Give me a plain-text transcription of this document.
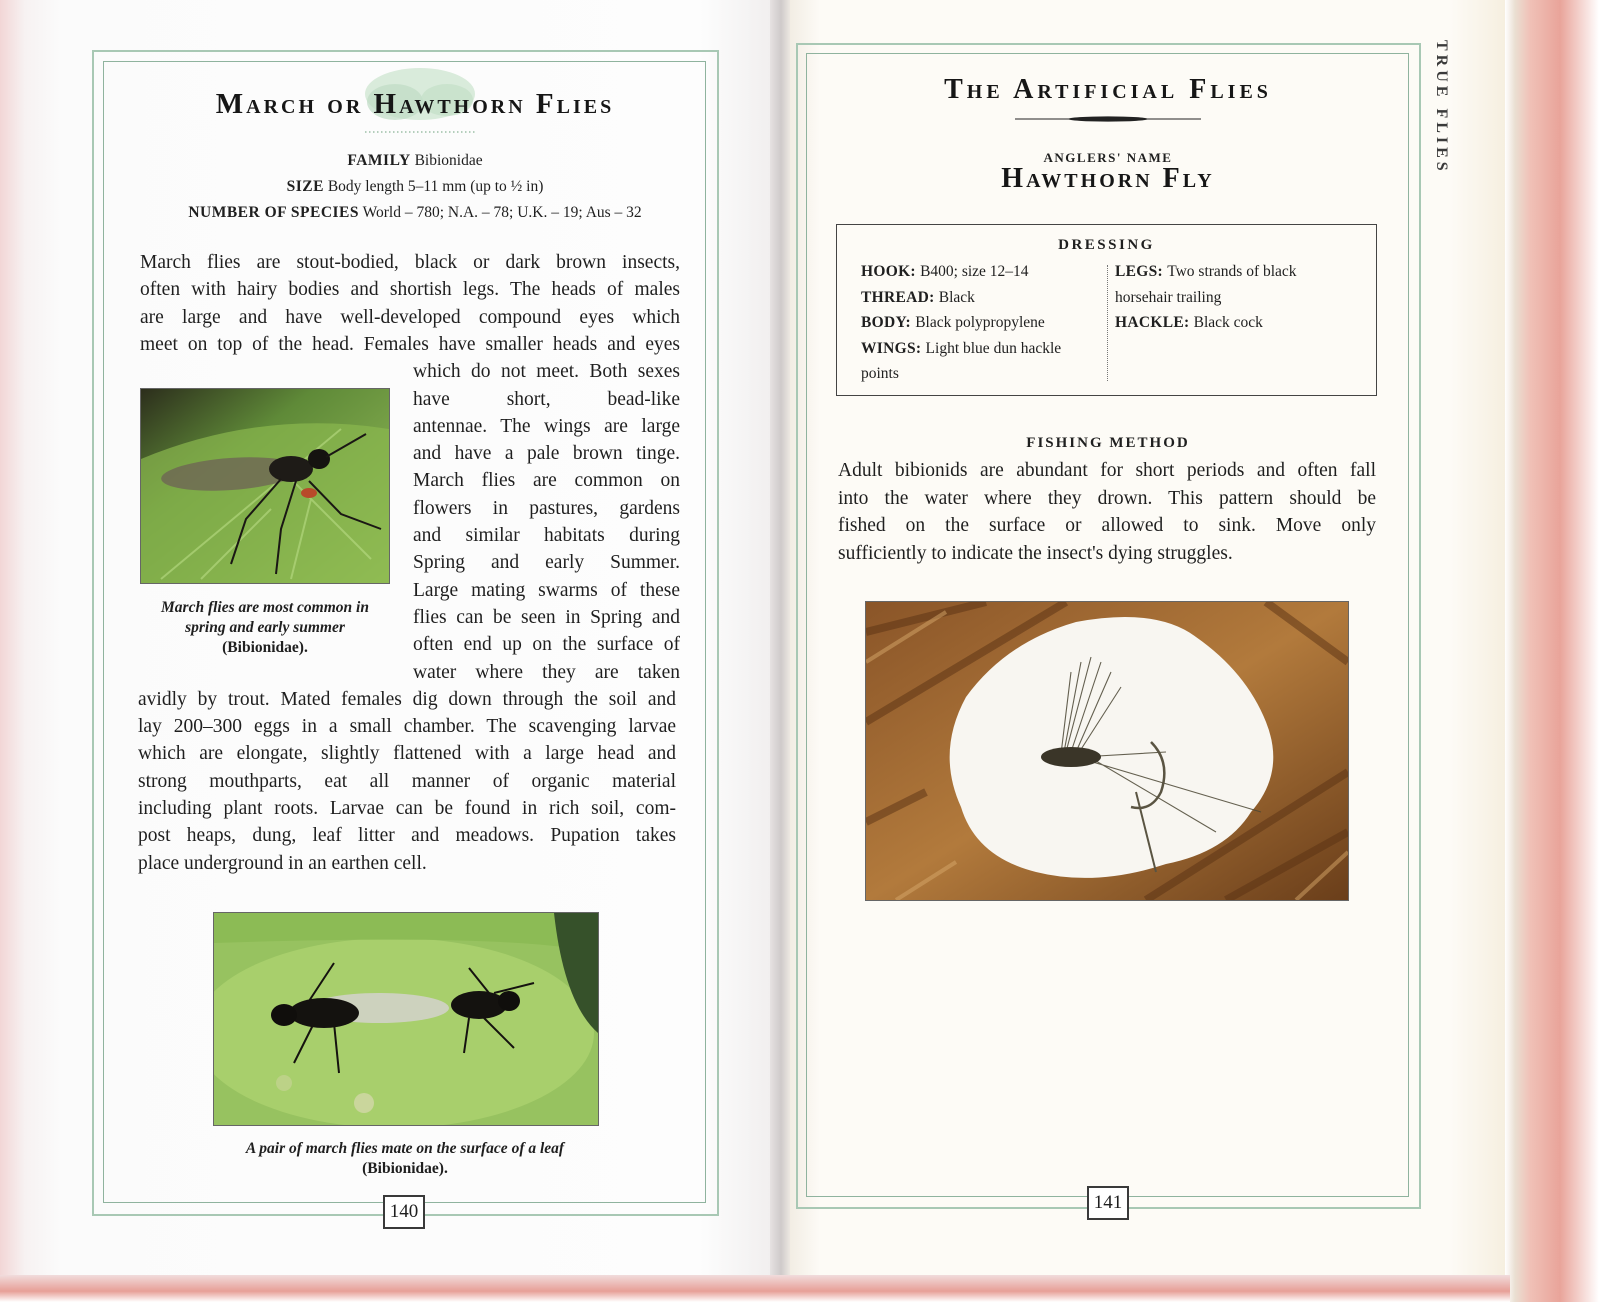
March or Hawthorn Flies
FAMILY Bibionidae
SIZE Body length 5–11 mm (up to ½ in)
NUMBER OF SPECIES World – 780; N.A. – 78; U.K. – 19; Aus – 32
March flies are stout-bodied, black or dark brown insects,
often with hairy bodies and shortish legs. The heads of males
are large and have well-developed compound eyes which
meet on top of the head. Females have smaller heads and eyes
which do not meet. Both sexes
have short, bead-like
antennae. The wings are large
and have a pale brown tinge.
March flies are common on
flowers in pastures, gardens
and similar habitats during
Spring and early Summer.
Large mating swarms of these
flies can be seen in Spring and
often end up on the surface of
water where they are taken
avidly by trout. Mated females dig down through the soil and
lay 200–300 eggs in a small chamber. The scavenging larvae
which are elongate, slightly flattened with a large head and
strong mouthparts, eat all manner of organic material
including plant roots. Larvae can be found in rich soil, com-
post heaps, dung, leaf litter and meadows. Pupation takes
place underground in an earthen cell.
March flies are most common in spring and early summer
(Bibionidae).
A pair of march flies mate on the surface of a leaf (Bibionidae).
140
The Artificial Flies
ANGLERS' NAME
Hawthorn Fly
DRESSING
HOOK: B400; size 12–14
THREAD: Black
BODY: Black polypropylene
WINGS: Light blue dun hackle
points
LEGS: Two strands of black
horsehair trailing
HACKLE: Black cock
FISHING METHOD
Adult bibionids are abundant for short periods and often fall
into the water where they drown. This pattern should be
fished on the surface or allowed to sink. Move only
sufficiently to indicate the insect's dying struggles.
141
TRUE FLIES
